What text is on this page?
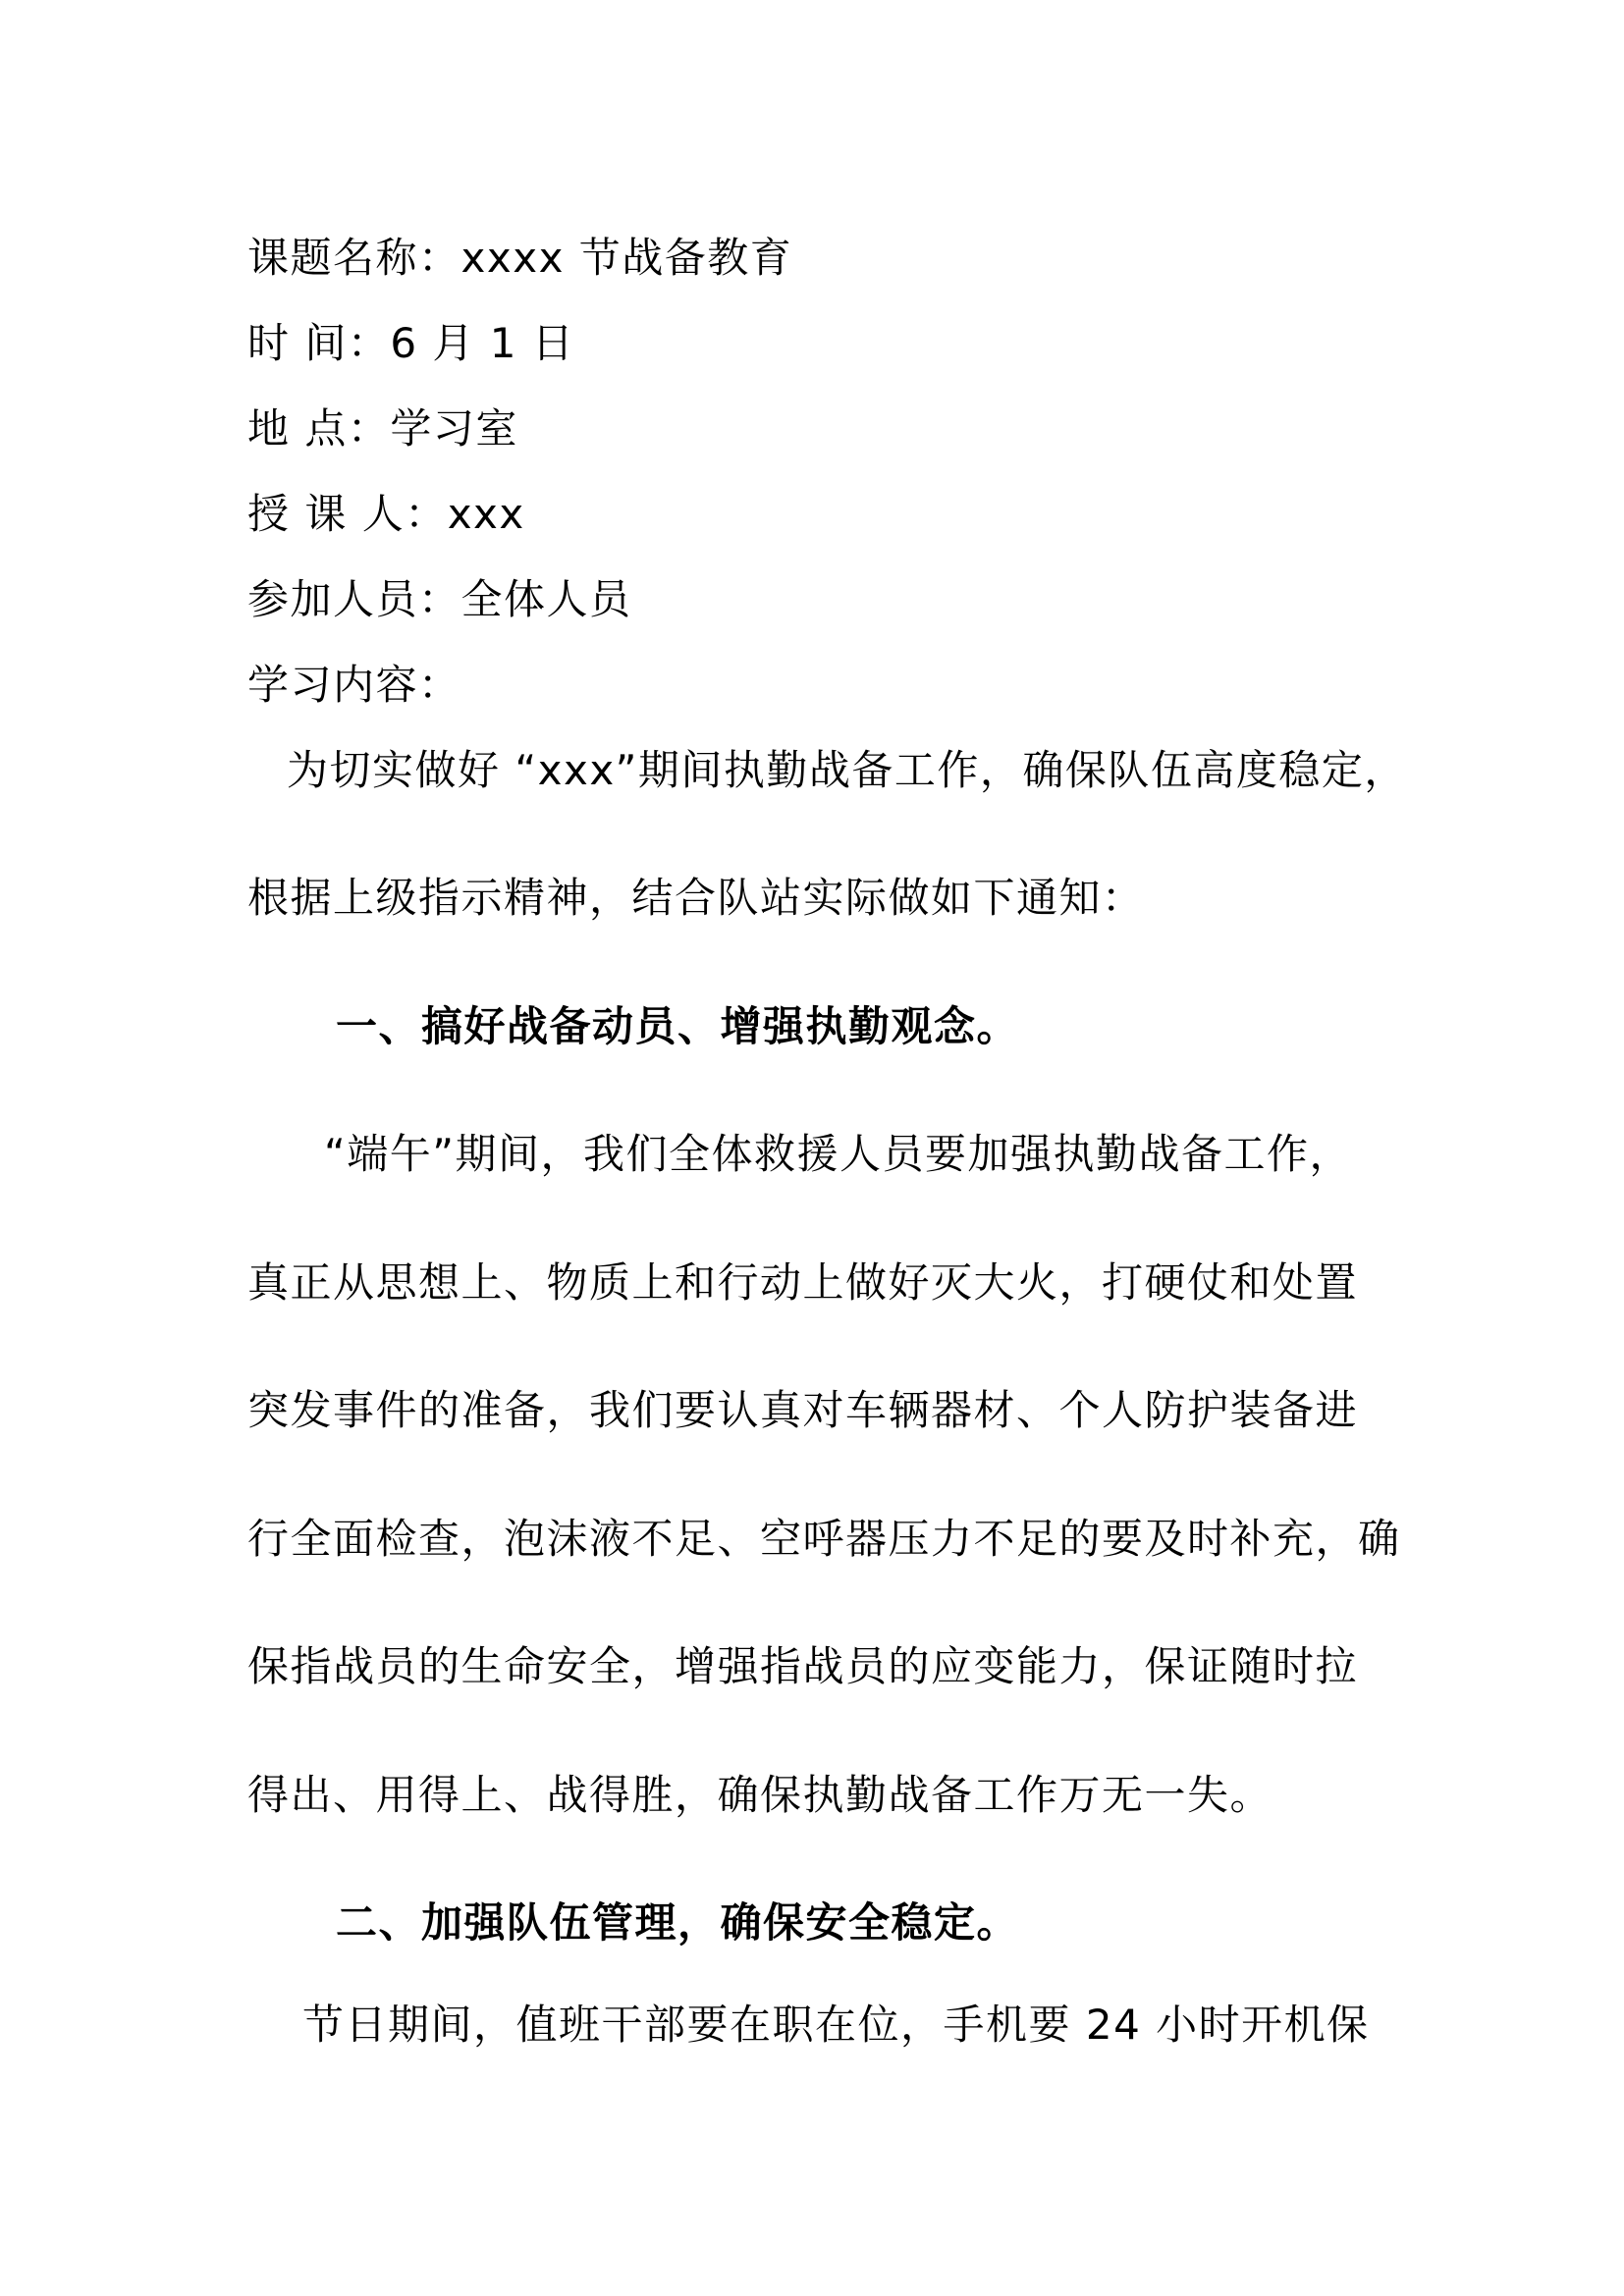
课题名称：xxxx 节战备教育
时 间：6 月 1 日
地 点：学习室
授 课 人：xxx
参加人员：全体人员
学习内容：
为切实做好 “xxx”期间执勤战备工作，确保队伍高度稳定，
根据上级指示精神，结合队站实际做如下通知：
一、搞好战备动员、增强执勤观念。
“端午”期间，我们全体救援人员要加强执勤战备工作，
真正从思想上、物质上和行动上做好灭大火，打硬仗和处置
突发事件的准备，我们要认真对车辆器材、个人防护装备进
行全面检查，泡沫液不足、空呼器压力不足的要及时补充，确
保指战员的生命安全，增强指战员的应变能力，保证随时拉
得出、用得上、战得胜，确保执勤战备工作万无一失。
二、加强队伍管理，确保安全稳定。
节日期间，值班干部要在职在位，手机要 24 小时开机保
